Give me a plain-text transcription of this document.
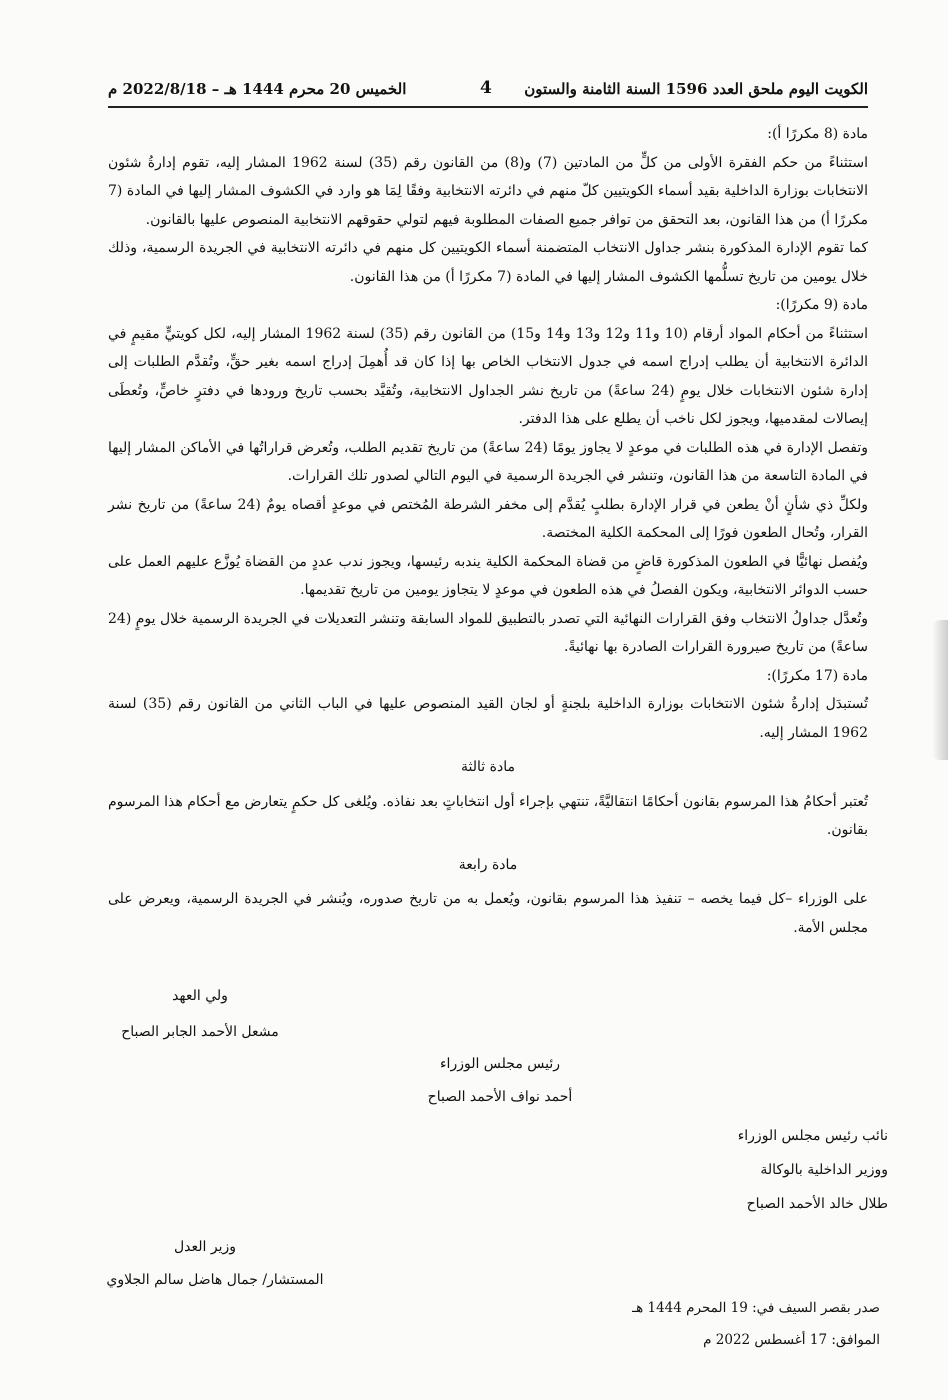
الكويت اليوم ملحق العدد 1596 السنة الثامنة والستون
4
الخميس 20 محرم 1444 هـ – 2022/8/18 م

مادة (8 مكررًا أ):

استثناءً من حكم الفقرة الأولى من كلٍّ من المادتين (7) و(8) من القانون رقم (35) لسنة 1962 المشار إليه، تقوم إدارةُ شئون الانتخابات بوزارة الداخلية بقيد أسماء الكويتيين كلّ منهم في دائرته الانتخابية وفقًا لِمَا هو وارد في الكشوف المشار إليها في المادة (7 مكررًا أ) من هذا القانون، بعد التحقق من توافر جميع الصفات المطلوبة فيهم لتولي حقوقهم الانتخابية المنصوص عليها بالقانون.

كما تقوم الإدارة المذكورة بنشر جداول الانتخاب المتضمنة أسماء الكويتيين كل منهم في دائرته الانتخابية في الجريدة الرسمية، وذلك خلال يومين من تاريخ تسلُّمها الكشوف المشار إليها في المادة (7 مكررًا أ) من هذا القانون.

مادة (9 مكررًا):

استثناءً من أحكام المواد أرقام (10 و11 و12 و13 و14 و15) من القانون رقم (35) لسنة 1962 المشار إليه، لكل كويتيٍّ مقيمٍ في الدائرة الانتخابية أن يطلب إدراج اسمه في جدول الانتخاب الخاص بها إذا كان قد أُهمِلَ إدراج اسمه بغير حقٍّ، وتُقدَّم الطلبات إلى إدارة شئون الانتخابات خلال يومٍ (24 ساعةً) من تاريخ نشر الجداول الانتخابية، وتُقيَّد بحسب تاريخ ورودها في دفترٍ خاصٍّ، وتُعطَى إيصالات لمقدميها، ويجوز لكل ناخب أن يطلع على هذا الدفتر.

وتفصل الإدارة في هذه الطلبات في موعدٍ لا يجاوز يومًا (24 ساعةً) من تاريخ تقديم الطلب، وتُعرض قراراتُها في الأماكن المشار إليها في المادة التاسعة من هذا القانون، وتنشر في الجريدة الرسمية في اليوم التالي لصدور تلك القرارات.

ولكلِّ ذي شأنٍ أنْ يطعن في قرار الإدارة بطلبٍ يُقدَّم إلى مخفر الشرطة المُختص في موعدٍ أقصاه يومٌ (24 ساعةً) من تاريخ نشر القرار، وتُحال الطعون فورًا إلى المحكمة الكلية المختصة.

ويُفصل نهائيًّا في الطعون المذكورة قاضٍ من قضاة المحكمة الكلية يندبه رئيسها، ويجوز ندب عددٍ من القضاة يُوزَّع عليهم العمل على حسب الدوائر الانتخابية، ويكون الفصلُ في هذه الطعون في موعدٍ لا يتجاوز يومين من تاريخ تقديمها.

وتُعدَّل جداولُ الانتخاب وفق القرارات النهائية التي تصدر بالتطبيق للمواد السابقة وتنشر التعديلات في الجريدة الرسمية خلال يومٍ (24 ساعةً) من تاريخ صيرورة القرارات الصادرة بها نهائيةً.

مادة (17 مكررًا):

تُستبدَل إدارةُ شئون الانتخابات بوزارة الداخلية بلجنةٍ أو لجان القيد المنصوص عليها في الباب الثاني من القانون رقم (35) لسنة 1962 المشار إليه.

مادة ثالثة

تُعتبر أحكامُ هذا المرسوم بقانون أحكامًا انتقاليَّةً، تنتهي بإجراء أول انتخاباتٍ بعد نفاذه. ويُلغى كل حكمٍ يتعارض مع أحكام هذا المرسوم بقانون.

مادة رابعة

على الوزراء –كل فيما يخصه – تنفيذ هذا المرسوم بقانون، ويُعمل به من تاريخ صدوره، ويُنشر في الجريدة الرسمية، ويعرض على مجلس الأمة.

ولي العهد
مشعل الأحمد الجابر الصباح
رئيس مجلس الوزراء
أحمد نواف الأحمد الصباح
نائب رئيس مجلس الوزراء
ووزير الداخلية بالوكالة
طلال خالد الأحمد الصباح
وزير العدل
المستشار/ جمال هاضل سالم الجلاوي
صدر بقصر السيف في: 19 المحرم 1444 هـ
الموافق: 17 أغسطس 2022 م
